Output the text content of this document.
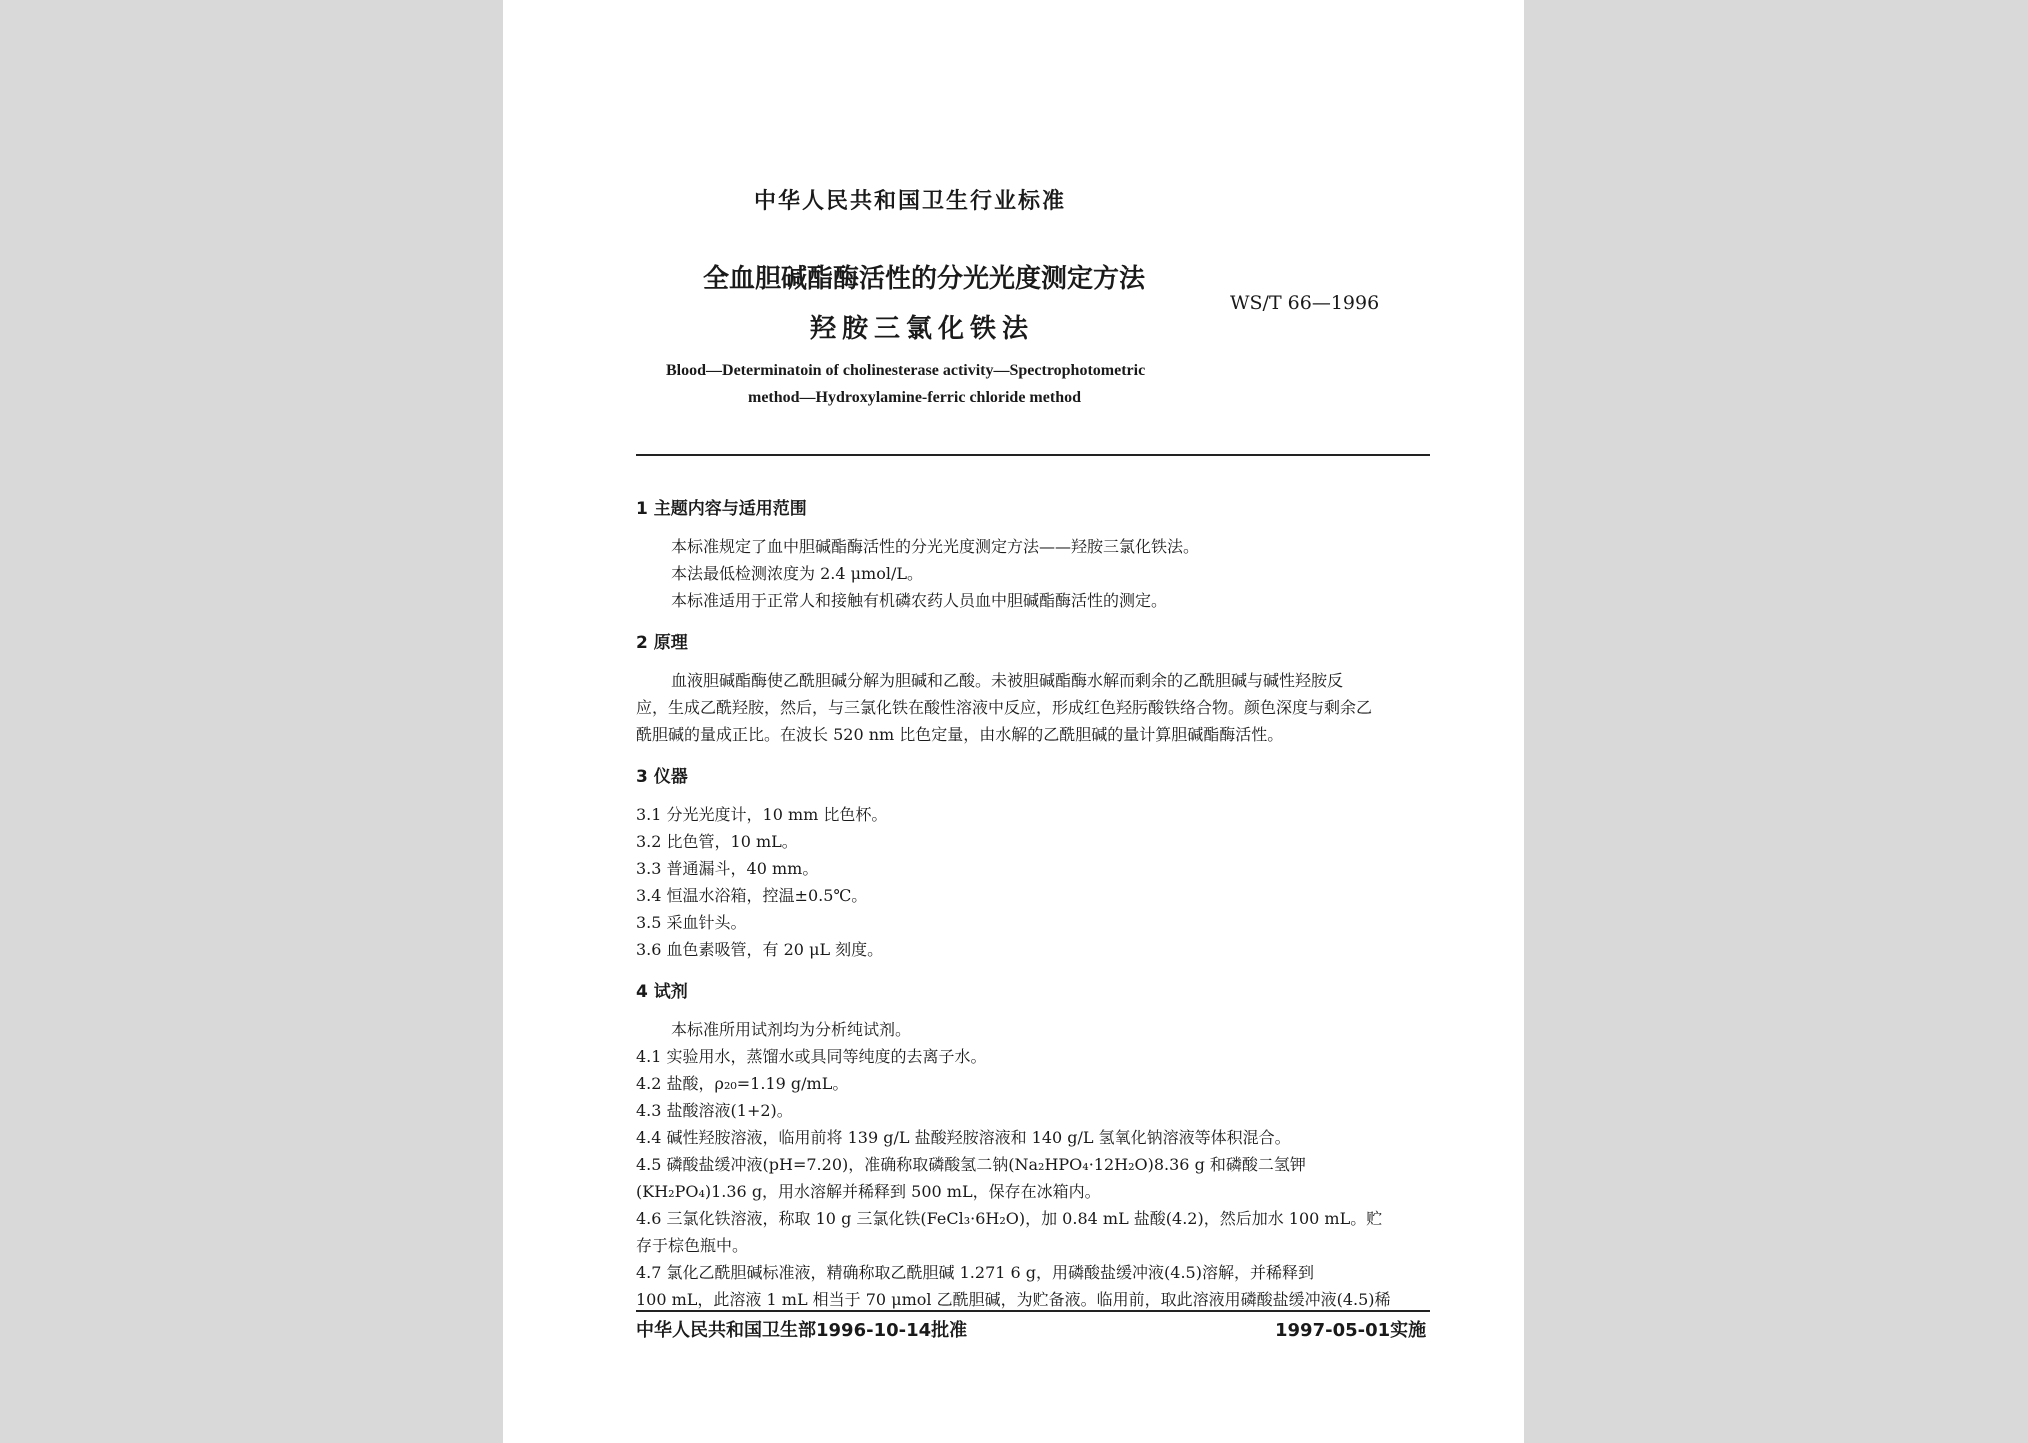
中华人民共和国卫生行业标准
全血胆碱酯酶活性的分光光度测定方法
羟胺三氯化铁法
WS/T 66—1996
Blood—Determinatoin of cholinesterase activity—Spectrophotometric
method—Hydroxylamine-ferric chloride method
1 主题内容与适用范围
本标准规定了血中胆碱酯酶活性的分光光度测定方法——羟胺三氯化铁法。
本法最低检测浓度为 2.4 μmol/L。
本标准适用于正常人和接触有机磷农药人员血中胆碱酯酶活性的测定。
2 原理
血液胆碱酯酶使乙酰胆碱分解为胆碱和乙酸。未被胆碱酯酶水解而剩余的乙酰胆碱与碱性羟胺反
应，生成乙酰羟胺，然后，与三氯化铁在酸性溶液中反应，形成红色羟肟酸铁络合物。颜色深度与剩余乙
酰胆碱的量成正比。在波长 520 nm 比色定量，由水解的乙酰胆碱的量计算胆碱酯酶活性。
3 仪器
3.1 分光光度计，10 mm 比色杯。
3.2 比色管，10 mL。
3.3 普通漏斗，40 mm。
3.4 恒温水浴箱，控温±0.5℃。
3.5 采血针头。
3.6 血色素吸管，有 20 μL 刻度。
4 试剂
本标准所用试剂均为分析纯试剂。
4.1 实验用水，蒸馏水或具同等纯度的去离子水。
4.2 盐酸，ρ₂₀=1.19 g/mL。
4.3 盐酸溶液(1+2)。
4.4 碱性羟胺溶液，临用前将 139 g/L 盐酸羟胺溶液和 140 g/L 氢氧化钠溶液等体积混合。
4.5 磷酸盐缓冲液(pH=7.20)，准确称取磷酸氢二钠(Na₂HPO₄·12H₂O)8.36 g 和磷酸二氢钾
(KH₂PO₄)1.36 g，用水溶解并稀释到 500 mL，保存在冰箱内。
4.6 三氯化铁溶液，称取 10 g 三氯化铁(FeCl₃·6H₂O)，加 0.84 mL 盐酸(4.2)，然后加水 100 mL。贮
存于棕色瓶中。
4.7 氯化乙酰胆碱标准液，精确称取乙酰胆碱 1.271 6 g，用磷酸盐缓冲液(4.5)溶解，并稀释到
100 mL，此溶液 1 mL 相当于 70 μmol 乙酰胆碱，为贮备液。临用前，取此溶液用磷酸盐缓冲液(4.5)稀
中华人民共和国卫生部1996-10-14批准	1997-05-01实施
